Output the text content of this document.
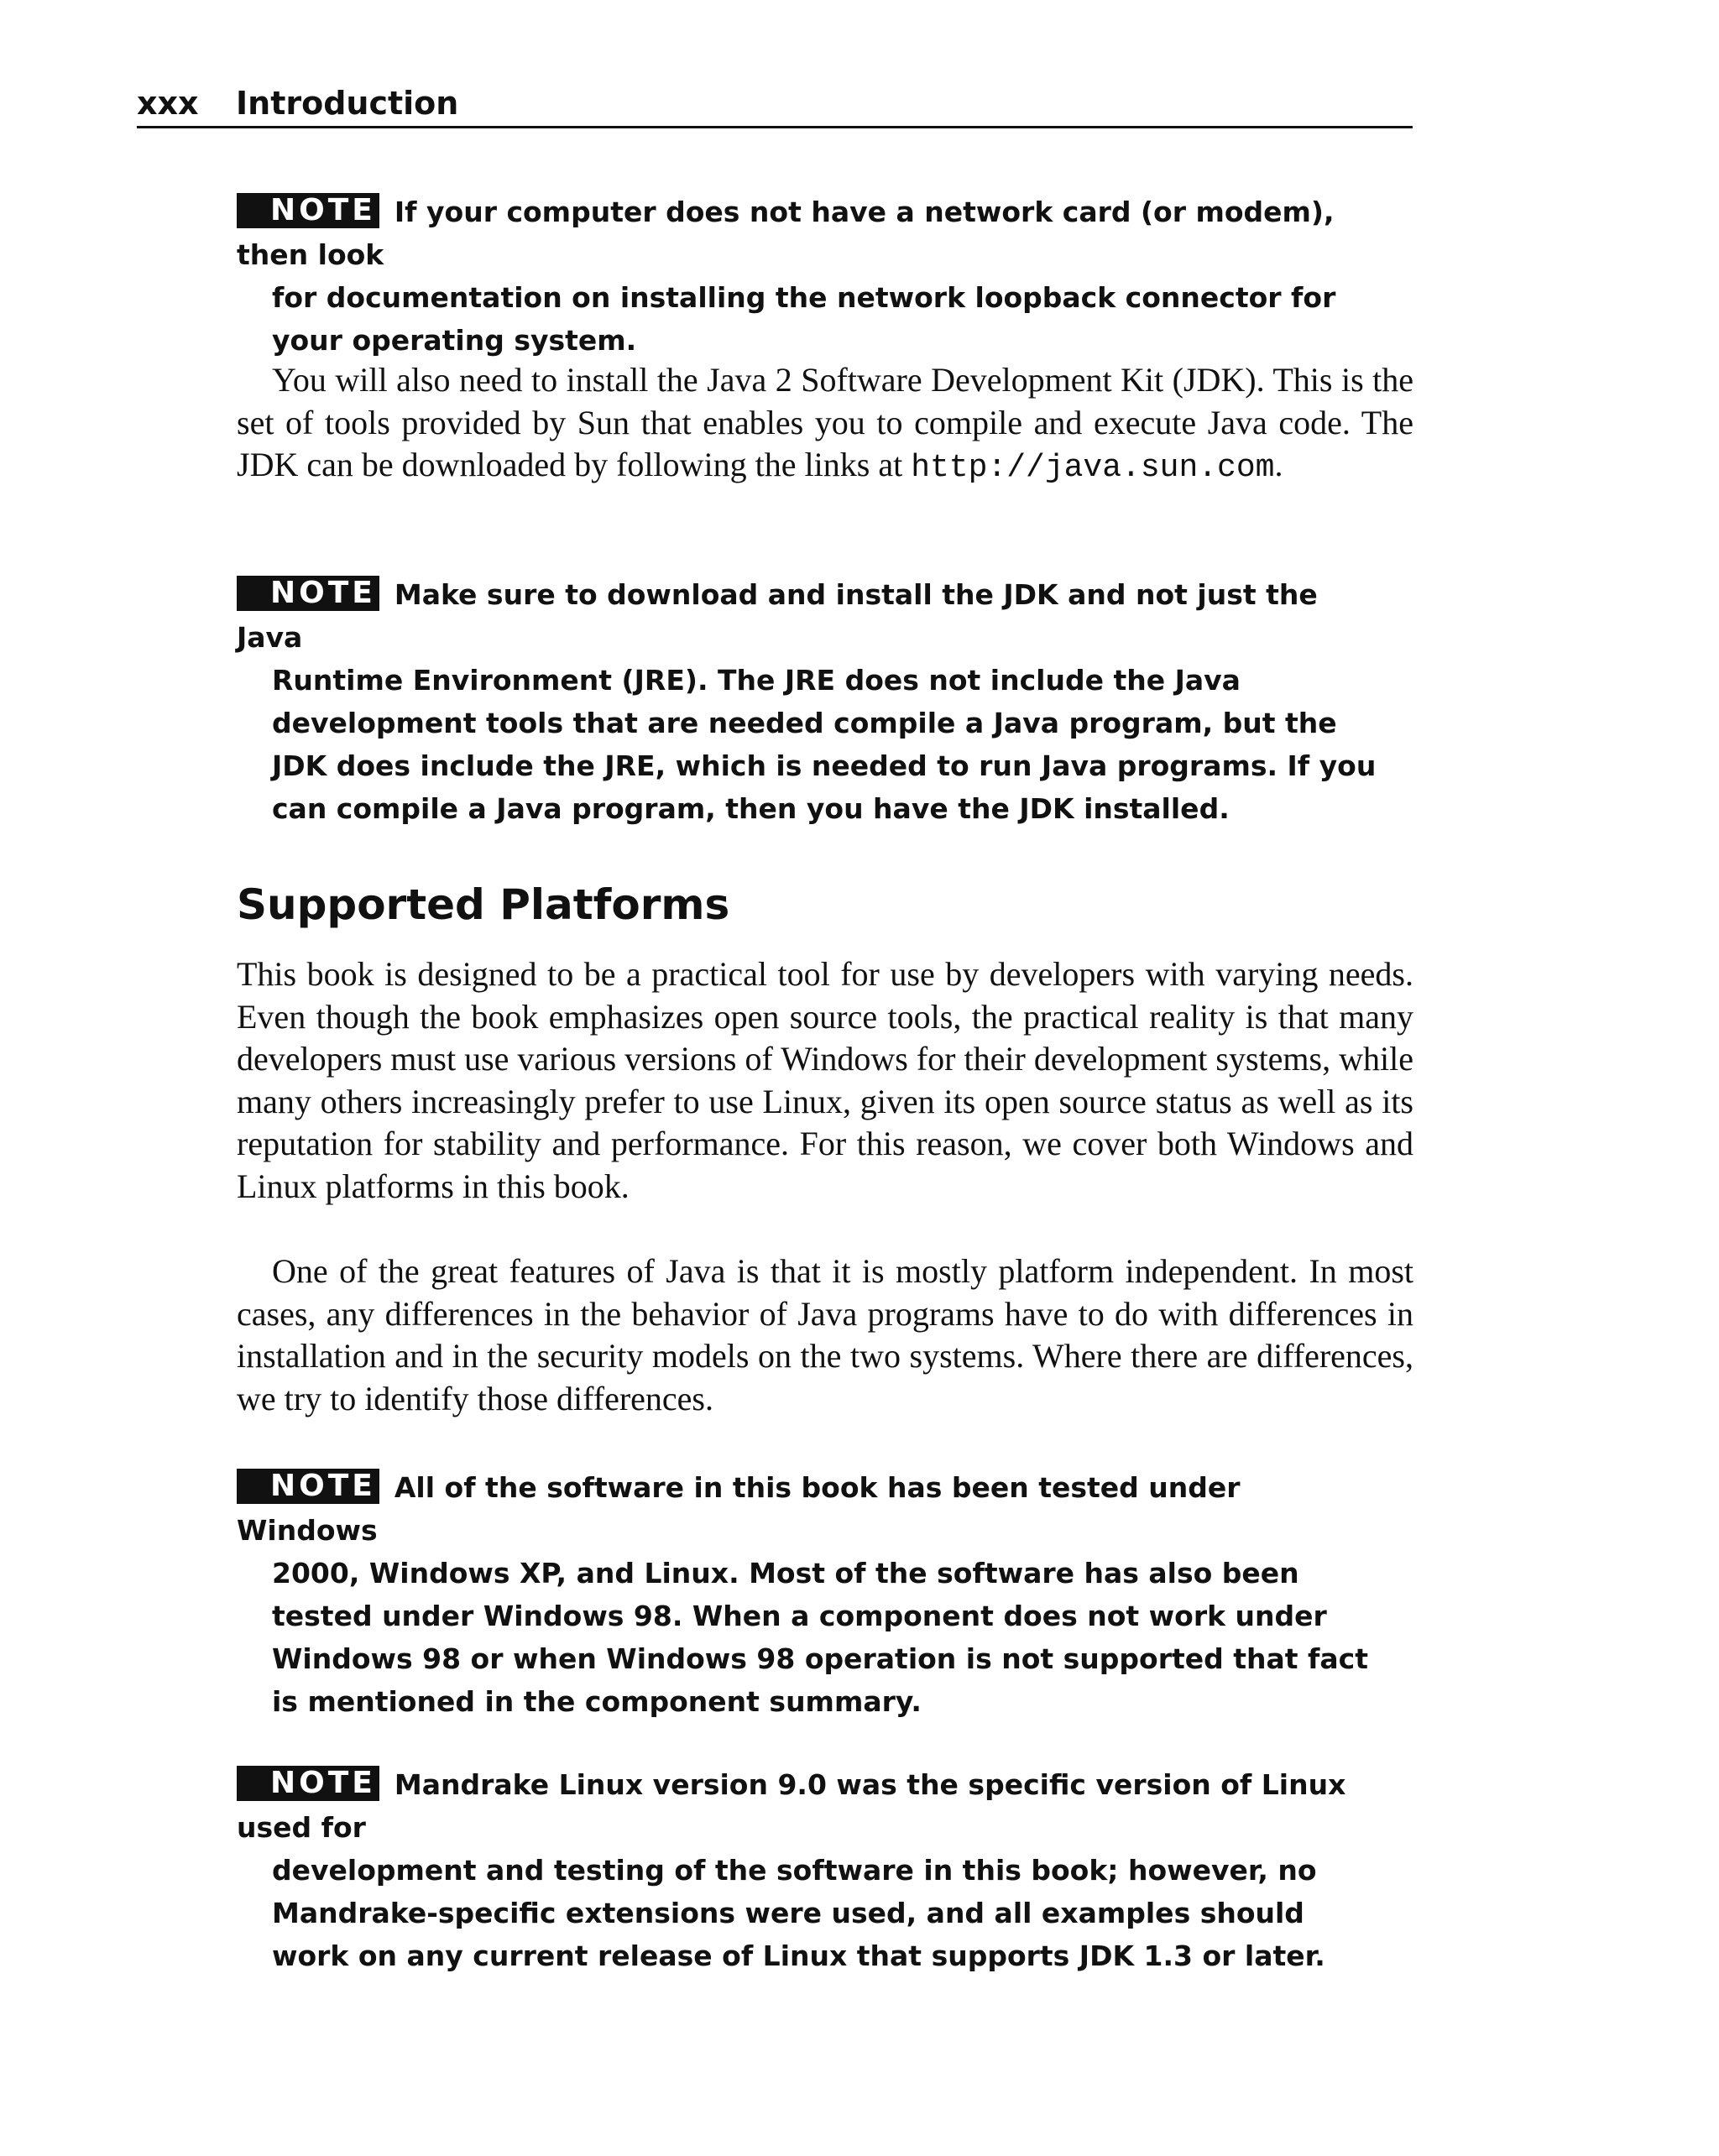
xxx Introduction
NOTE If your computer does not have a network card (or modem), then look
for documentation on installing the network loopback connector for your operating system.

You will also need to install the Java 2 Software Development Kit (JDK). This is the set of tools provided by Sun that enables you to compile and execute Java code. The JDK can be downloaded by following the links at http://java.sun.com.

NOTE Make sure to download and install the JDK and not just the Java
Runtime Environment (JRE). The JRE does not include the Java development tools that are needed compile a Java program, but the JDK does include the JRE, which is needed to run Java programs. If you can compile a Java program, then you have the JDK installed.
Supported Platforms

This book is designed to be a practical tool for use by developers with varying needs. Even though the book emphasizes open source tools, the practical reality is that many developers must use various versions of Windows for their development systems, while many others increasingly prefer to use Linux, given its open source status as well as its reputation for stability and performance. For this reason, we cover both Windows and Linux platforms in this book.

One of the great features of Java is that it is mostly platform independent. In most cases, any differences in the behavior of Java programs have to do with differences in installation and in the security models on the two systems. Where there are differences, we try to identify those differences.

NOTE All of the software in this book has been tested under Windows
2000, Windows XP, and Linux. Most of the software has also been tested under Windows 98. When a component does not work under Windows 98 or when Windows 98 operation is not supported that fact is mentioned in the component summary.
NOTE Mandrake Linux version 9.0 was the specific version of Linux used for
development and testing of the software in this book; however, no Mandrake-specific extensions were used, and all examples should work on any current release of Linux that supports JDK 1.3 or later.
